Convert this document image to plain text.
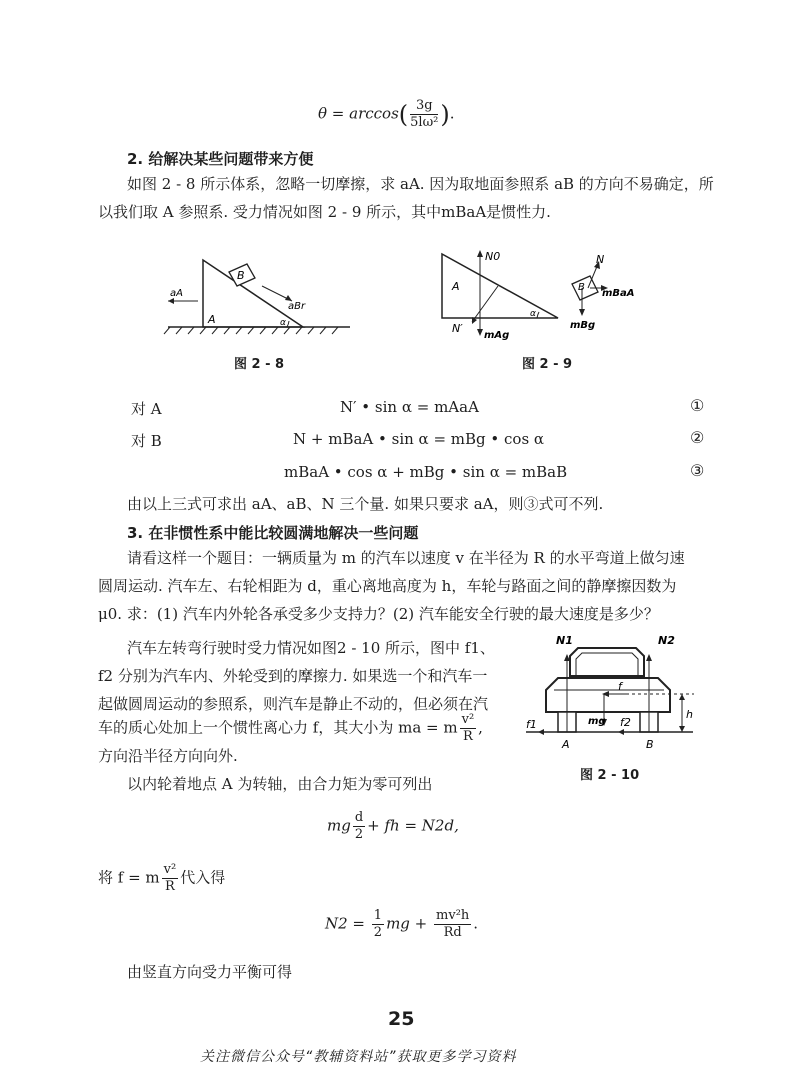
$\theta = \arccos( \frac{3g}{\text{5lω²}}$ ).
2. 给解决某些问题带来方便
如图 2 - 8 所示体系，忽略一切摩擦，求 aA. 因为取地面参照系 aB 的方向不易确定，所
以我们取 A 参照系. 受力情况如图 2 - 9 所示，其中mBaA是惯性力.
aA
B
aBr
A	α
图 2 - 8
N0
A
N′
mAg
α
N
B
mBaA
mBg
图 2 - 9
对 A	N′ • sin α = mAaA	①
对 B	N + mBaA • sin α = mBg • cos α	②
mBaA • cos α + mBg • sin α = mBaB	③
由以上三式可求出 aA、aB、N 三个量. 如果只要求 aA，则③式可不列.
3. 在非惯性系中能比较圆满地解决一些问题
请看这样一个题目：一辆质量为 m 的汽车以速度 v 在半径为 R 的水平弯道上做匀速
圆周运动. 汽车左、右轮相距为 d，重心离地高度为 h，车轮与路面之间的静摩擦因数为
μ0. 求：(1) 汽车内外轮各承受多少支持力？(2) 汽车能安全行驶的最大速度是多少？
汽车左转弯行驶时受力情况如图2 - 10 所示，图中 f1、
f2 分别为汽车内、外轮受到的摩擦力. 如果选一个和汽车一
起做圆周运动的参照系，则汽车是静止不动的，但必须在汽
车的质心处加上一个惯性离心力 f，其大小为 ma = m $\frac{\text{v²}}{R}$ ,
方向沿半径方向向外.
N1	N2
f
mg
f1	f2
A	B
h
图 2 - 10
以内轮着地点 A 为转轴，由合力矩为零可列出
mg $\frac{d}{2}$ + fh = N2d,
将 f = m $\frac{\text{v²}}{R}$ 代入得
$N2 = \frac{1}{2}$ mg + $\frac{\text{mv²h}}{Rd}$ .
由竖直方向受力平衡可得
25
关注微信公众号“教辅资料站”获取更多学习资料
